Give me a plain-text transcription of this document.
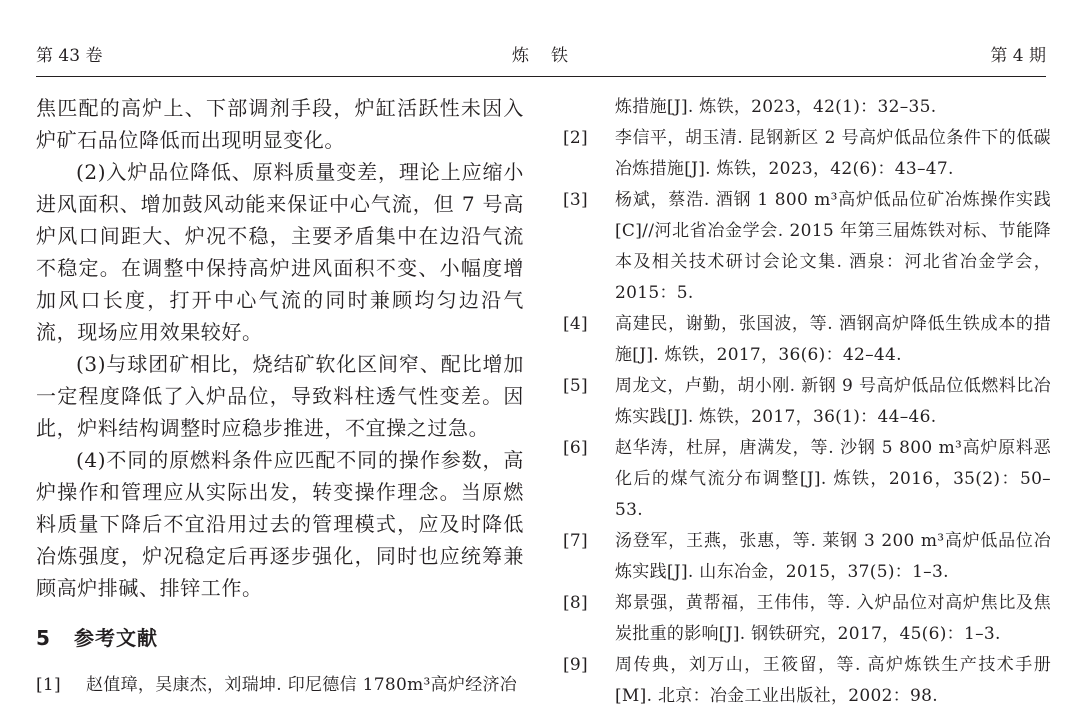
第 43 卷	炼铁	第 4 期

焦匹配的高炉上、下部调剂手段，炉缸活跃性未因入炉矿石品位降低而出现明显变化。

(2)入炉品位降低、原料质量变差，理论上应缩小进风面积、增加鼓风动能来保证中心气流，但 7 号高炉风口间距大、炉况不稳，主要矛盾集中在边沿气流不稳定。在调整中保持高炉进风面积不变、小幅度增加风口长度，打开中心气流的同时兼顾均匀边沿气流，现场应用效果较好。

(3)与球团矿相比，烧结矿软化区间窄、配比增加一定程度降低了入炉品位，导致料柱透气性变差。因此，炉料结构调整时应稳步推进，不宜操之过急。

(4)不同的原燃料条件应匹配不同的操作参数，高炉操作和管理应从实际出发，转变操作理念。当原燃料质量下降后不宜沿用过去的管理模式，应及时降低冶炼强度，炉况稳定后再逐步强化，同时也应统筹兼顾高炉排碱、排锌工作。

5 参考文献
[1]	赵值璋，吴康杰，刘瑞坤. 印尼德信 1780m³高炉经济冶
炼措施[J]. 炼铁，2023，42(1)：32–35.
[2]	李信平，胡玉清. 昆钢新区 2 号高炉低品位条件下的低碳冶炼措施[J]. 炼铁，2023，42(6)：43–47.
[3]	杨斌，蔡浩. 酒钢 1 800 m³高炉低品位矿冶炼操作实践[C]//河北省冶金学会. 2015 年第三届炼铁对标、节能降本及相关技术研讨会论文集. 酒泉：河北省冶金学会，2015：5.
[4]	高建民，谢勤，张国波，等. 酒钢高炉降低生铁成本的措施[J]. 炼铁，2017，36(6)：42–44.
[5]	周龙文，卢勤，胡小刚. 新钢 9 号高炉低品位低燃料比冶炼实践[J]. 炼铁，2017，36(1)：44–46.
[6]	赵华涛，杜屏，唐满发，等. 沙钢 5 800 m³高炉原料恶化后的煤气流分布调整[J]. 炼铁，2016，35(2)：50–53.
[7]	汤登军，王燕，张惠，等. 莱钢 3 200 m³高炉低品位冶炼实践[J]. 山东冶金，2015，37(5)：1–3.
[8]	郑景强，黄帮福，王伟伟，等. 入炉品位对高炉焦比及焦炭批重的影响[J]. 钢铁研究，2017，45(6)：1–3.
[9]	周传典，刘万山，王筱留，等. 高炉炼铁生产技术手册[M]. 北京：冶金工业出版社，2002：98.
